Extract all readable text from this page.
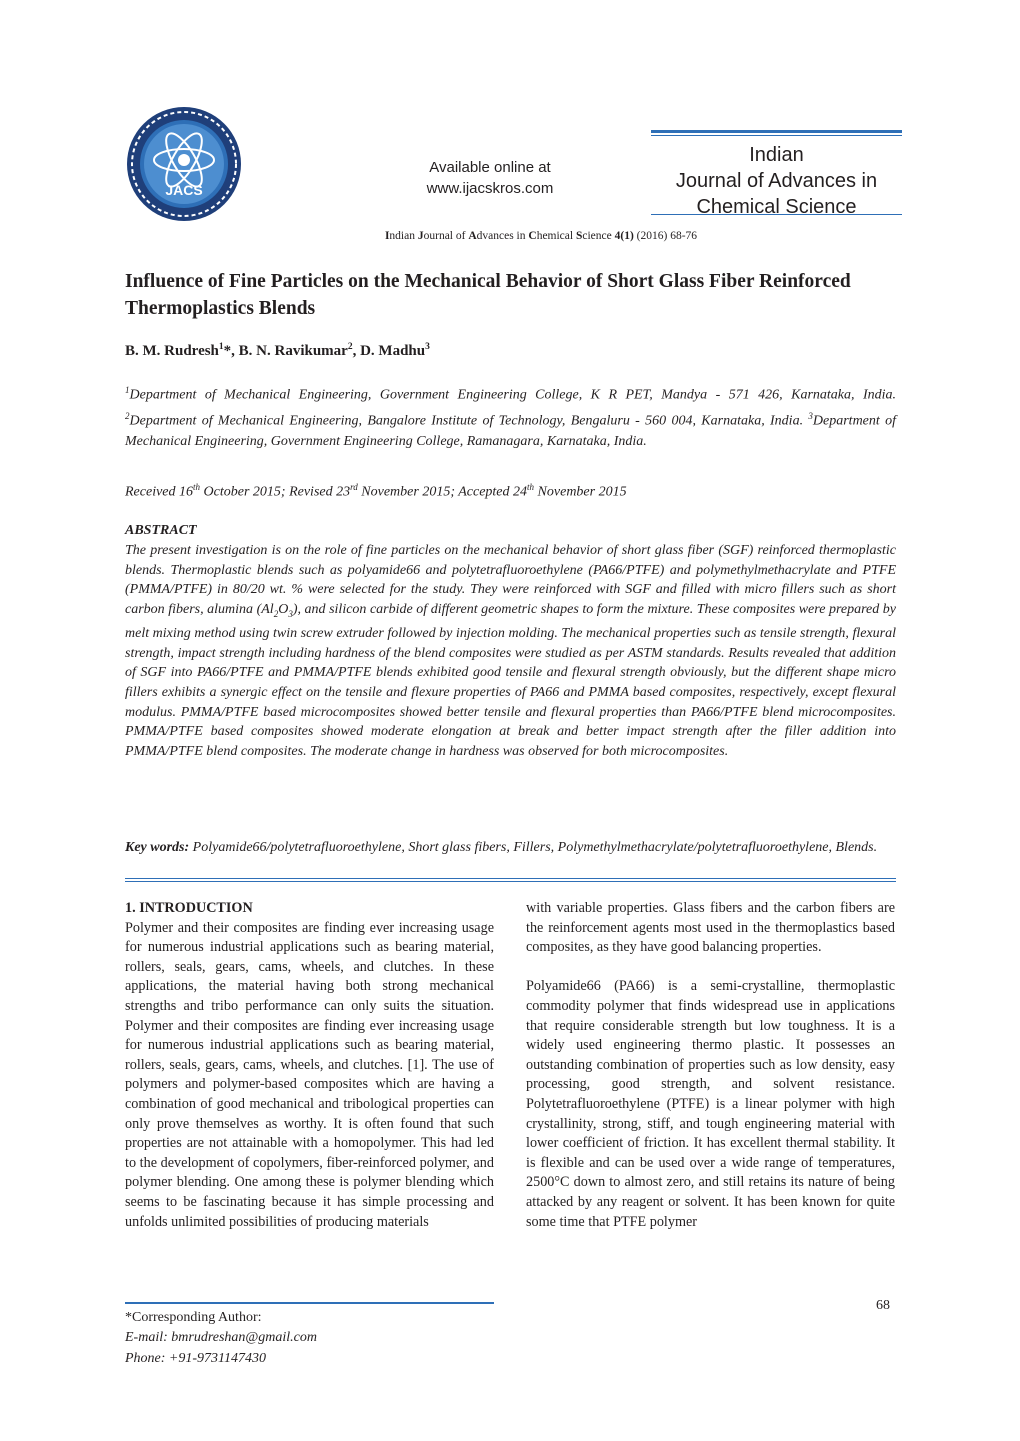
JACS
Available online at
www.ijacskros.com
Indian
Journal of Advances in
Chemical Science
Indian Journal of Advances in Chemical Science 4(1) (2016) 68-76
Influence of Fine Particles on the Mechanical Behavior of Short Glass Fiber Reinforced Thermoplastics Blends
B. M. Rudresh$^1$*, B. N. Ravikumar$^2$, D. Madhu$^3$
$^1$Department of Mechanical Engineering, Government Engineering College, K R PET, Mandya - 571 426, Karnataka, India. $^2$Department of Mechanical Engineering, Bangalore Institute of Technology, Bengaluru - 560 004, Karnataka, India. $^3$Department of Mechanical Engineering, Government Engineering College, Ramanagara, Karnataka, India.
Received 16th October 2015; Revised 23rd November 2015; Accepted 24th November 2015
ABSTRACT
The present investigation is on the role of fine particles on the mechanical behavior of short glass fiber (SGF) reinforced thermoplastic blends. Thermoplastic blends such as polyamide66 and polytetrafluoroethylene (PA66/PTFE) and polymethylmethacrylate and PTFE (PMMA/PTFE) in 80/20 wt. % were selected for the study. They were reinforced with SGF and filled with micro fillers such as short carbon fibers, alumina $(Al_2O_3)$, and silicon carbide of different geometric shapes to form the mixture. These composites were prepared by melt mixing method using twin screw extruder followed by injection molding. The mechanical properties such as tensile strength, flexural strength, impact strength including hardness of the blend composites were studied as per ASTM standards. Results revealed that addition of SGF into PA66/PTFE and PMMA/PTFE blends exhibited good tensile and flexural strength obviously, but the different shape micro fillers exhibits a synergic effect on the tensile and flexure properties of PA66 and PMMA based composites, respectively, except flexural modulus. PMMA/PTFE based microcomposites showed better tensile and flexural properties than PA66/PTFE blend microcomposites. PMMA/PTFE based composites showed moderate elongation at break and better impact strength after the filler addition into PMMA/PTFE blend composites. The moderate change in hardness was observed for both microcomposites.
Key words: Polyamide66/polytetrafluoroethylene, Short glass fibers, Fillers, Polymethylmethacrylate/polytetrafluoroethylene, Blends.

1. INTRODUCTION

Polymer and their composites are finding ever increasing usage for numerous industrial applications such as bearing material, rollers, seals, gears, cams, wheels, and clutches. In these applications, the material having both strong mechanical strengths and tribo performance can only suits the situation. Polymer and their composites are finding ever increasing usage for numerous industrial applications such as bearing material, rollers, seals, gears, cams, wheels, and clutches. [1]. The use of polymers and polymer-based composites which are having a combination of good mechanical and tribological properties can only prove themselves as worthy. It is often found that such properties are not attainable with a homopolymer. This had led to the development of copolymers, fiber-reinforced polymer, and polymer blending. One among these is polymer blending which seems to be fascinating because it has simple processing and unfolds unlimited possibilities of producing materials

with variable properties. Glass fibers and the carbon fibers are the reinforcement agents most used in the thermoplastics based composites, as they have good balancing properties.

Polyamide66 (PA66) is a semi-crystalline, thermoplastic commodity polymer that finds widespread use in applications that require considerable strength but low toughness. It is a widely used engineering thermo plastic. It possesses an outstanding combination of properties such as low density, easy processing, good strength, and solvent resistance. Polytetrafluoroethylene (PTFE) is a linear polymer with high crystallinity, strong, stiff, and tough engineering material with lower coefficient of friction. It has excellent thermal stability. It is flexible and can be used over a wide range of temperatures, 2500°C down to almost zero, and still retains its nature of being attacked by any reagent or solvent. It has been known for quite some time that PTFE polymer

*Corresponding Author:
E-mail: bmrudreshan@gmail.com
Phone: +91-9731147430
68
